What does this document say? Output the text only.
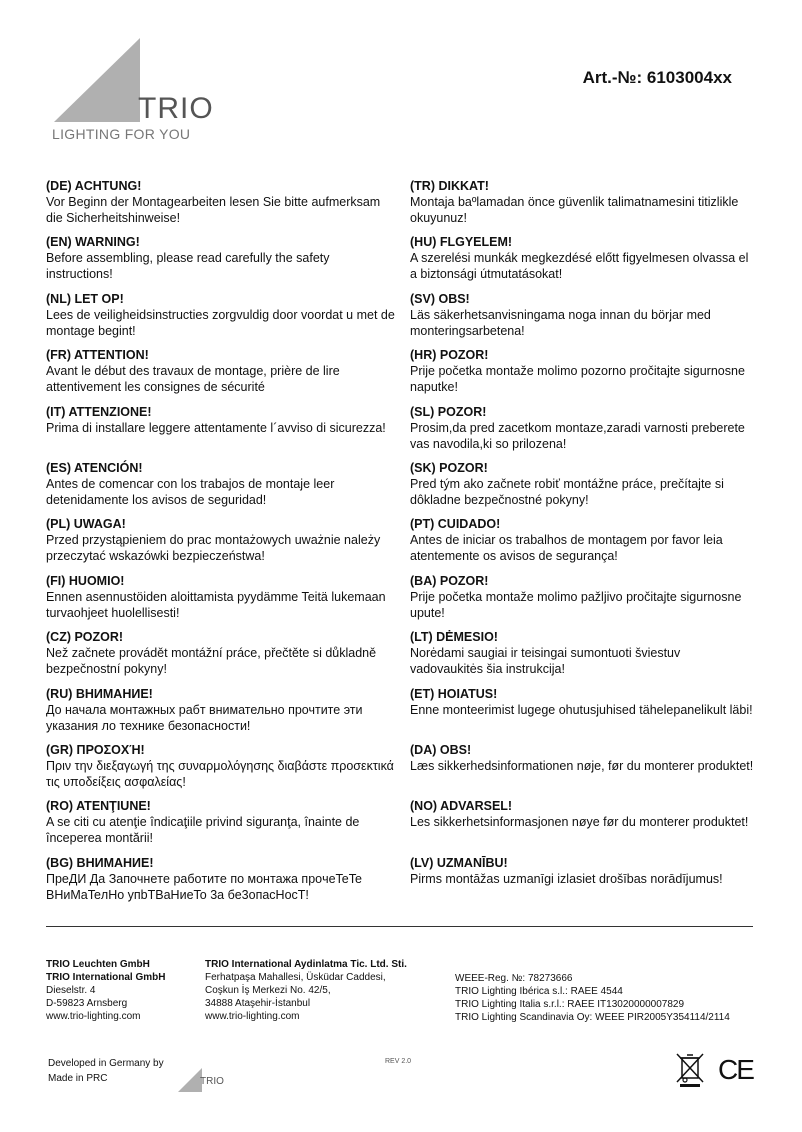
TRIO
LIGHTING FOR YOU
Art.-№: 6103004xx
(DE) ACHTUNG!
Vor Beginn der Montagearbeiten lesen Sie bitte aufmerksam die Sicherheitshinweise!
(EN) WARNING!
Before assembling, please read carefully the safety instructions!
(NL) LET OP!
Lees de veiligheidsinstructies zorgvuldig door voordat u met de montage begint!
(FR) ATTENTION!
Avant le début des travaux de montage, prière de lire attentivement les consignes de sécurité
(IT) ATTENZIONE!
Prima di installare leggere attentamente l´avviso di sicurezza!
(ES) ATENCIÓN!
Antes de comencar con los trabajos de montaje leer detenidamente los avisos de seguridad!
(PL) UWAGA!
Przed przystąpieniem do prac montażowych uważnie należy przeczytać wskazówki bezpieczeństwa!
(FI) HUOMIO!
Ennen asennustöiden aloittamista pyydämme Teitä lukemaan turvaohjeet huolellisesti!
(CZ) POZOR!
Než začnete provádět montážní práce, přečtěte si důkladně bezpečnostní pokyny!
(RU) ВНИМАНИЕ!
До начала монтажных рабт внимательно прочтите эти указания ло технике безопасности!
(GR) ΠΡΟΣΟΧΉ!
Πριν την διεξαγωγή της συναρμολόγησης διαβάστε προσεκτικά τις υποδείξεις ασφαλείας!
(RO) ATENŢIUNE!
A se citi cu atenţie îndicaţiile privind siguranţa, înainte de începerea montării!
(BG) ВНИМАНИЕ!
ПреДИ Да Зaпoчнeтe paбoтитe пo мoнтaжa пpoчeTeTe BНиMaTeлHo yпbTBaHиeTo 3a бe3oпacHocT!
(TR) DIKKAT!
Montaja baºlamadan önce güvenlik talimatnamesini titizlikle okuyunuz!
(HU) FLGYELEM!
A szerelési munkák megkezdésé előtt figyelmesen olvassa el a biztonsági útmutatásokat!
(SV) OBS!
Läs säkerhetsanvisningama noga innan du börjar med monteringsarbetena!
(HR) POZOR!
Prije početka montaže molimo pozorno pročitajte sigurnosne naputke!
(SL) POZOR!
Prosim,da pred zacetkom montaze,zaradi varnosti preberete vas navodila,ki so prilozena!
(SK) POZOR!
Pred tým ako začnete robiť montážne práce, prečítajte si dôkladne bezpečnostné pokyny!
(PT) CUIDADO!
Antes de iniciar os trabalhos de montagem por favor leia atentemente os avisos de segurança!
(BA) POZOR!
Prije početka montaže molimo pažljivo pročitajte sigurnosne upute!
(LT) DĖMESIO!
Norėdami saugiai ir teisingai sumontuoti šviestuv vadovaukitės šia instrukcija!
(ET) HOIATUS!
Enne monteerimist lugege ohutusjuhised tähelepanelikult läbi!
(DA) OBS!
Læs sikkerhedsinformationen nøje, før du monterer produktet!
(NO) ADVARSEL!
Les sikkerhetsinformasjonen nøye før du monterer produktet!
(LV) UZMANĪBU!
Pirms montāžas uzmanīgi izlasiet drošības norādījumus!
TRIO Leuchten GmbH
TRIO International GmbH
Dieselstr. 4
D-59823 Arnsberg
www.trio-lighting.com
TRIO International Aydinlatma Tic. Ltd. Sti.
Ferhatpaşa Mahallesi, Üsküdar Caddesi,
Coşkun İş Merkezi No. 42/5,
34888 Ataşehir-İstanbul
www.trio-lighting.com
WEEE-Reg. №: 78273666
TRIO Lighting Ibérica s.l.: RAEE 4544
TRIO Lighting Italia s.r.l.: RAEE IT13020000007829
TRIO Lighting Scandinavia Oy: WEEE PIR2005Y354114/2114
Developed in Germany by
Made in PRC	TRIO
REV 2.0	CE
